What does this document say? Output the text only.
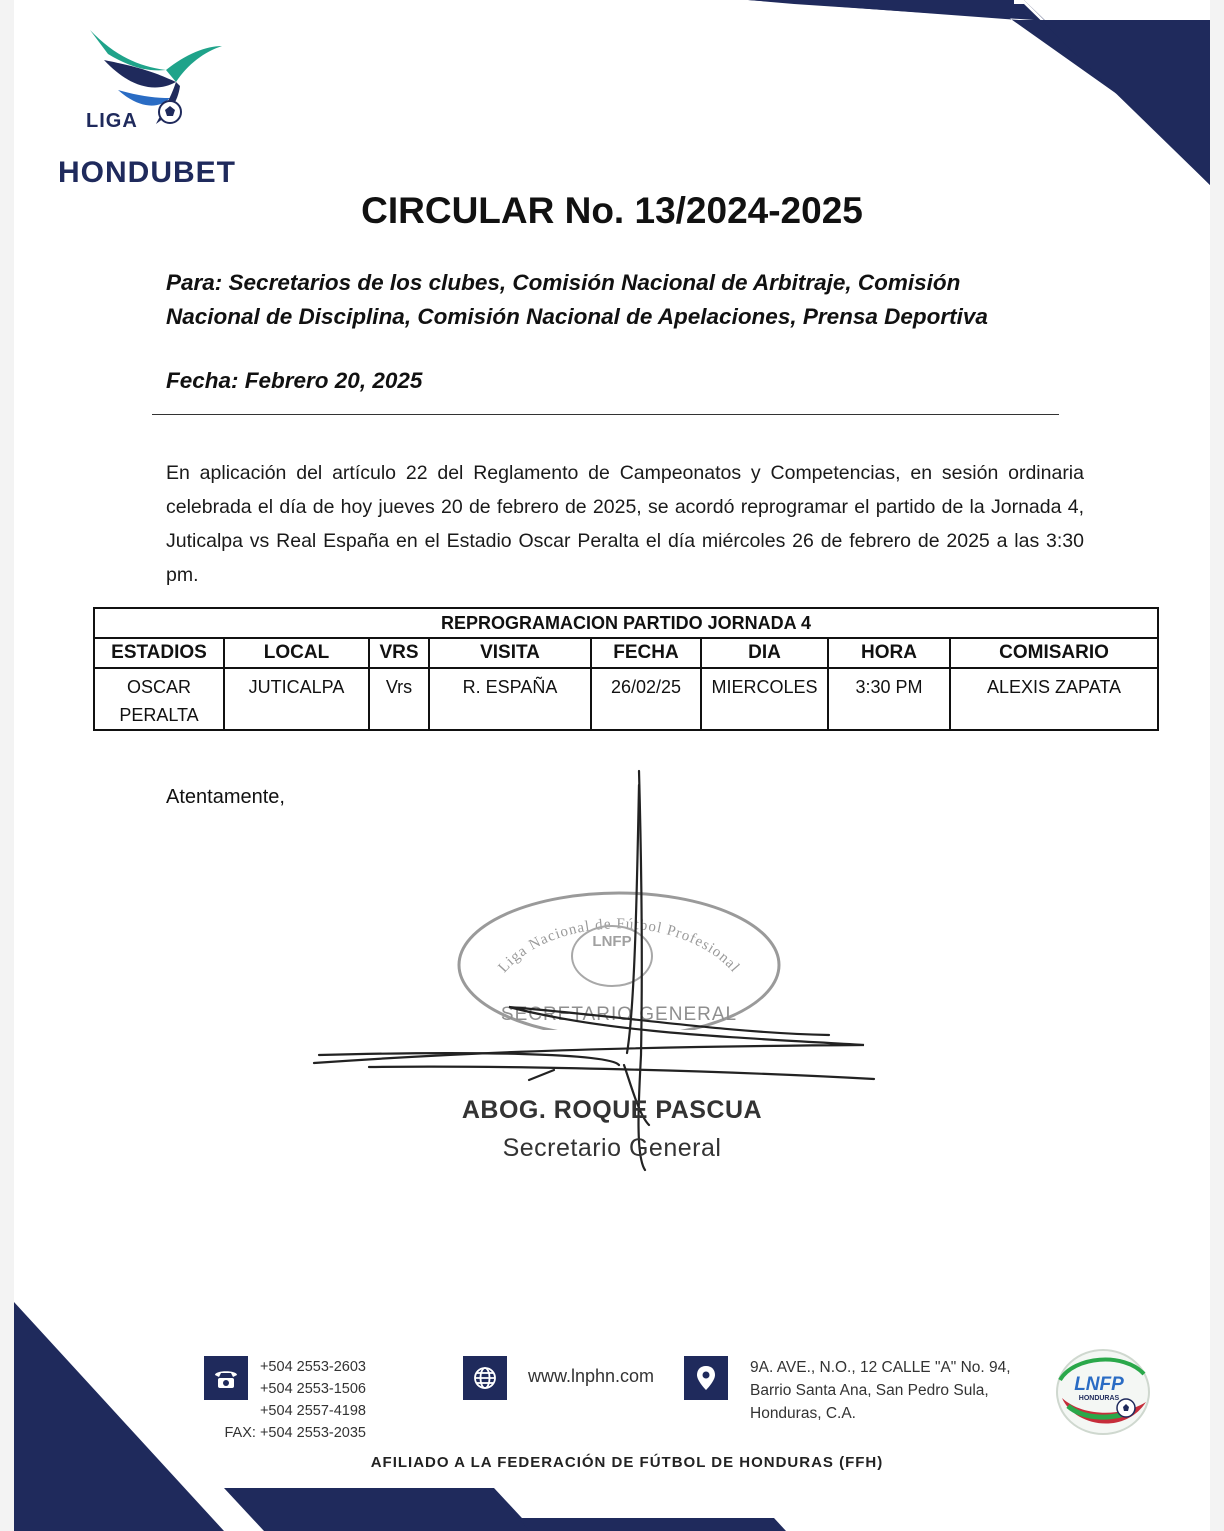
LIGA
HONDUBET
CIRCULAR No. 13/2024-2025
Para: Secretarios de los clubes, Comisión Nacional de Arbitraje, Comisión
Nacional de Disciplina, Comisión Nacional de Apelaciones, Prensa Deportiva
Fecha: Febrero 20, 2025
En aplicación del artículo 22 del Reglamento de Campeonatos y Competencias, en sesión ordinaria celebrada el día de hoy jueves 20 de febrero de 2025, se acordó reprogramar el partido de la Jornada 4, Juticalpa vs Real España en el Estadio Oscar Peralta el día miércoles 26 de febrero de 2025 a las 3:30 pm.
REPROGRAMACION PARTIDO JORNADA 4							
ESTADIOS	LOCAL	VRS	VISITA	FECHA	DIA	HORA	COMISARIO

OSCAR
PERALTA	JUTICALPA	Vrs	R. ESPAÑA	26/02/25	MIERCOLES	3:30 PM	ALEXIS ZAPATA
Atentamente,
Liga Nacional de Fútbol Profesional
LNFP
SECRETARIO GENERAL
ABOG. ROQUE PASCUA
Secretario General
+504 2553-2603
+504 2553-1506
+504 2557-4198
FAX: +504 2553-2035
www.lnphn.com	9A. AVE., N.O., 12 CALLE "A" No. 94,
Barrio Santa Ana, San Pedro Sula,
Honduras, C.A.
LNFP
HONDURAS
AFILIADO A LA FEDERACIÓN DE FÚTBOL DE HONDURAS (FFH)
